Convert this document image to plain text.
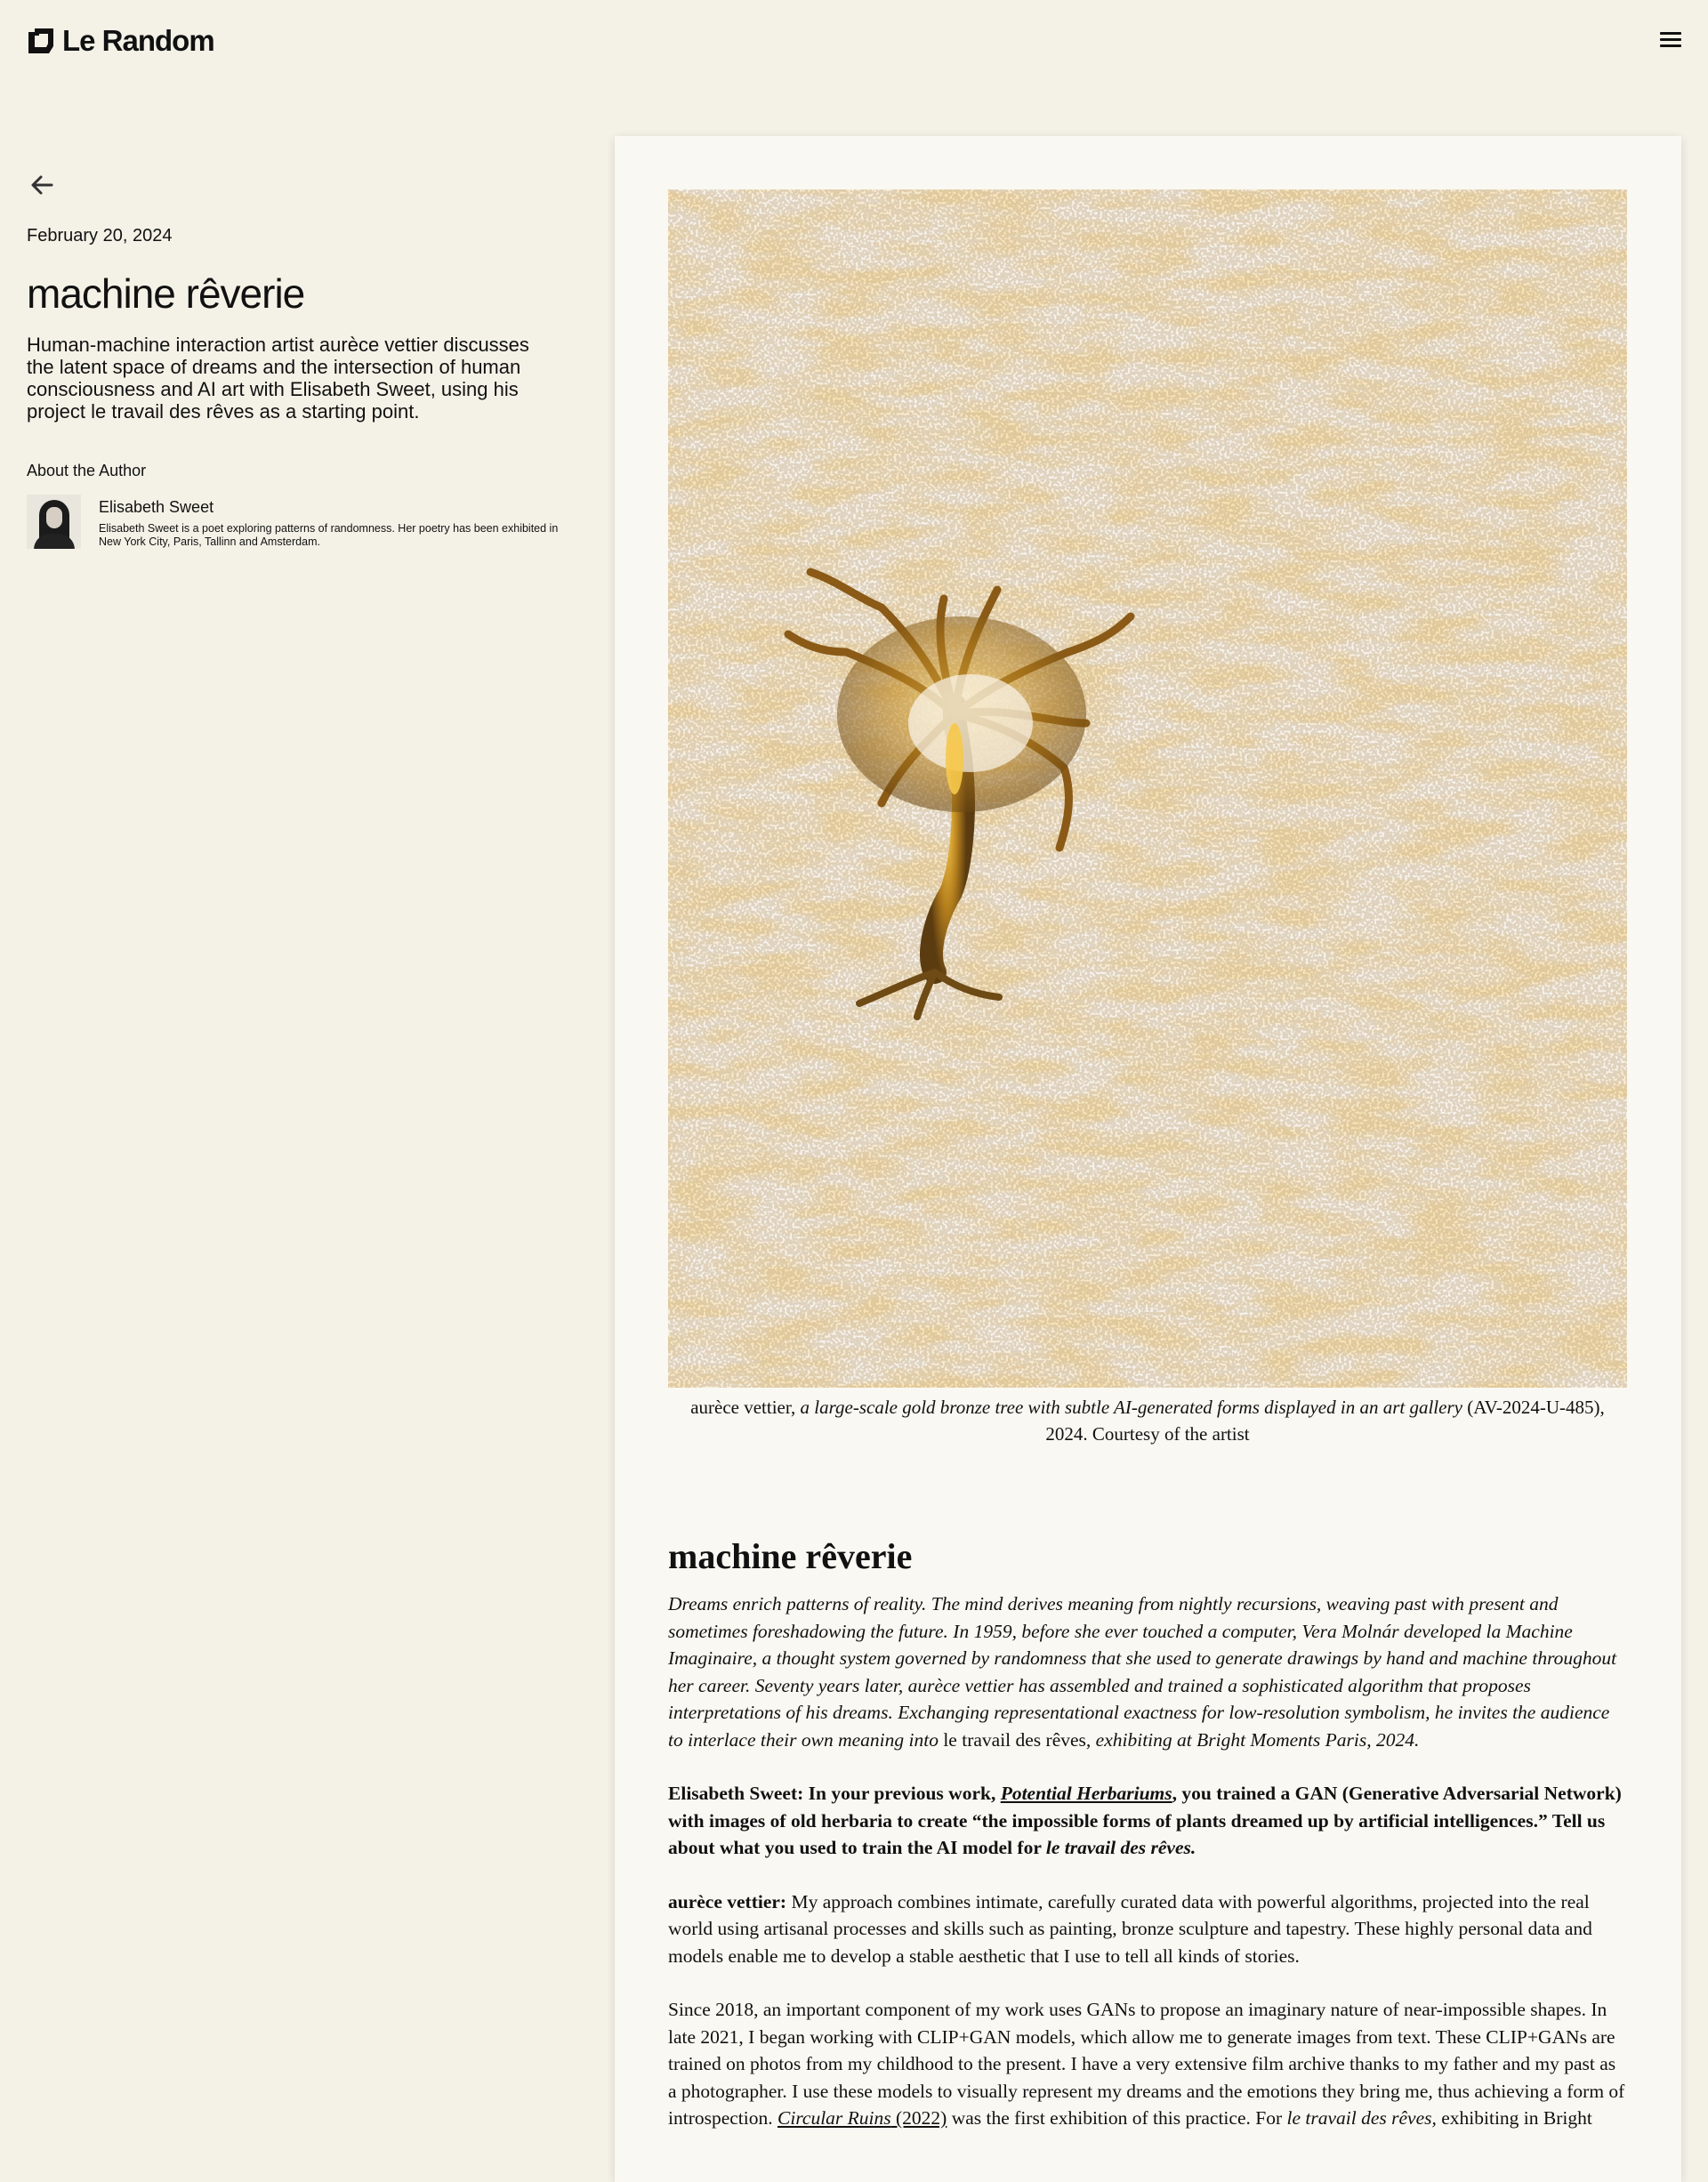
Le Random
February 20, 2024
machine rêverie
Human-machine interaction artist aurèce vettier discusses the latent space of dreams and the intersection of human consciousness and AI art with Elisabeth Sweet, using his project le travail des rêves as a starting point.
About the Author
Elisabeth Sweet
Elisabeth Sweet is a poet exploring patterns of randomness. Her poetry has been exhibited in New York City, Paris, Tallinn and Amsterdam.
aurèce vettier, a large-scale gold bronze tree with subtle AI-generated forms displayed in an art gallery (AV-2024-U-485), 2024. Courtesy of the artist
machine rêverie

Dreams enrich patterns of reality. The mind derives meaning from nightly recursions, weaving past with present and sometimes foreshadowing the future. In 1959, before she ever touched a computer, Vera Molnár developed la Machine Imaginaire, a thought system governed by randomness that she used to generate drawings by hand and machine throughout her career. Seventy years later, aurèce vettier has assembled and trained a sophisticated algorithm that proposes interpretations of his dreams. Exchanging representational exactness for low-resolution symbolism, he invites the audience to interlace their own meaning into le travail des rêves, exhibiting at Bright Moments Paris, 2024.

Elisabeth Sweet: In your previous work, Potential Herbariums, you trained a GAN (Generative Adversarial Network) with images of old herbaria to create “the impossible forms of plants dreamed up by artificial intelligences.” Tell us about what you used to train the AI model for le travail des rêves.

aurèce vettier: My approach combines intimate, carefully curated data with powerful algorithms, projected into the real world using artisanal processes and skills such as painting, bronze sculpture and tapestry. These highly personal data and models enable me to develop a stable aesthetic that I use to tell all kinds of stories.

Since 2018, an important component of my work uses GANs to propose an imaginary nature of near-impossible shapes. In late 2021, I began working with CLIP+GAN models, which allow me to generate images from text. These CLIP+GANs are trained on photos from my childhood to the present. I have a very extensive film archive thanks to my father and my past as a photographer. I use these models to visually represent my dreams and the emotions they bring me, thus achieving a form of introspection. Circular Ruins (2022) was the first exhibition of this practice. For le travail des rêves, exhibiting in Bright
